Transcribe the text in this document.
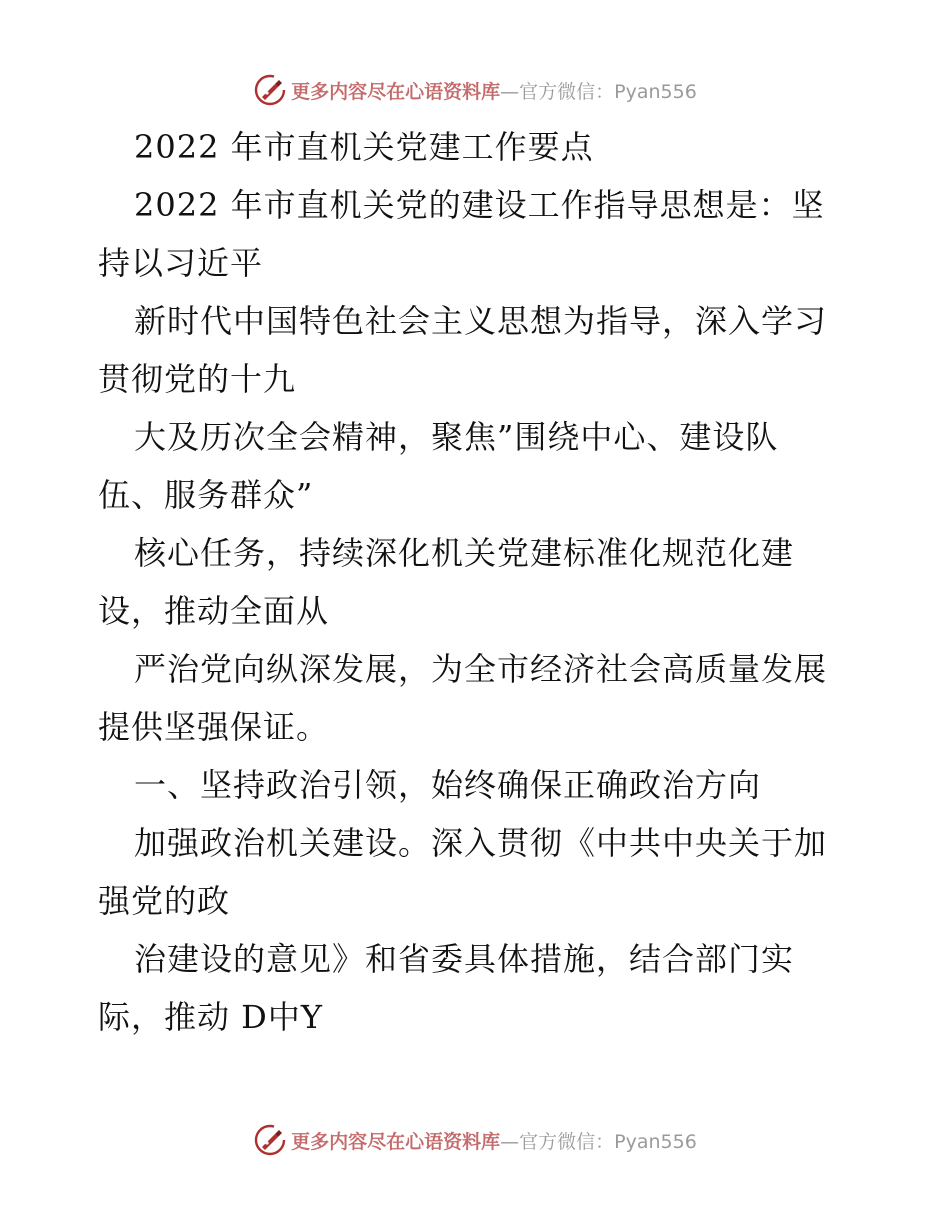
更多内容尽在心语资料库—官方微信：Pyan556
2022 年市直机关党建工作要点
2022 年市直机关党的建设工作指导思想是：坚
持以习近平
新时代中国特色社会主义思想为指导，深入学习
贯彻党的十九
大及历次全会精神，聚焦”围绕中心、建设队
伍、服务群众”
核心任务，持续深化机关党建标准化规范化建
设，推动全面从
严治党向纵深发展，为全市经济社会高质量发展
提供坚强保证。
一、坚持政治引领，始终确保正确政治方向
加强政治机关建设。深入贯彻《中共中央关于加
强党的政
治建设的意见》和省委具体措施，结合部门实
际，推动 D中Y
更多内容尽在心语资料库—官方微信：Pyan556
